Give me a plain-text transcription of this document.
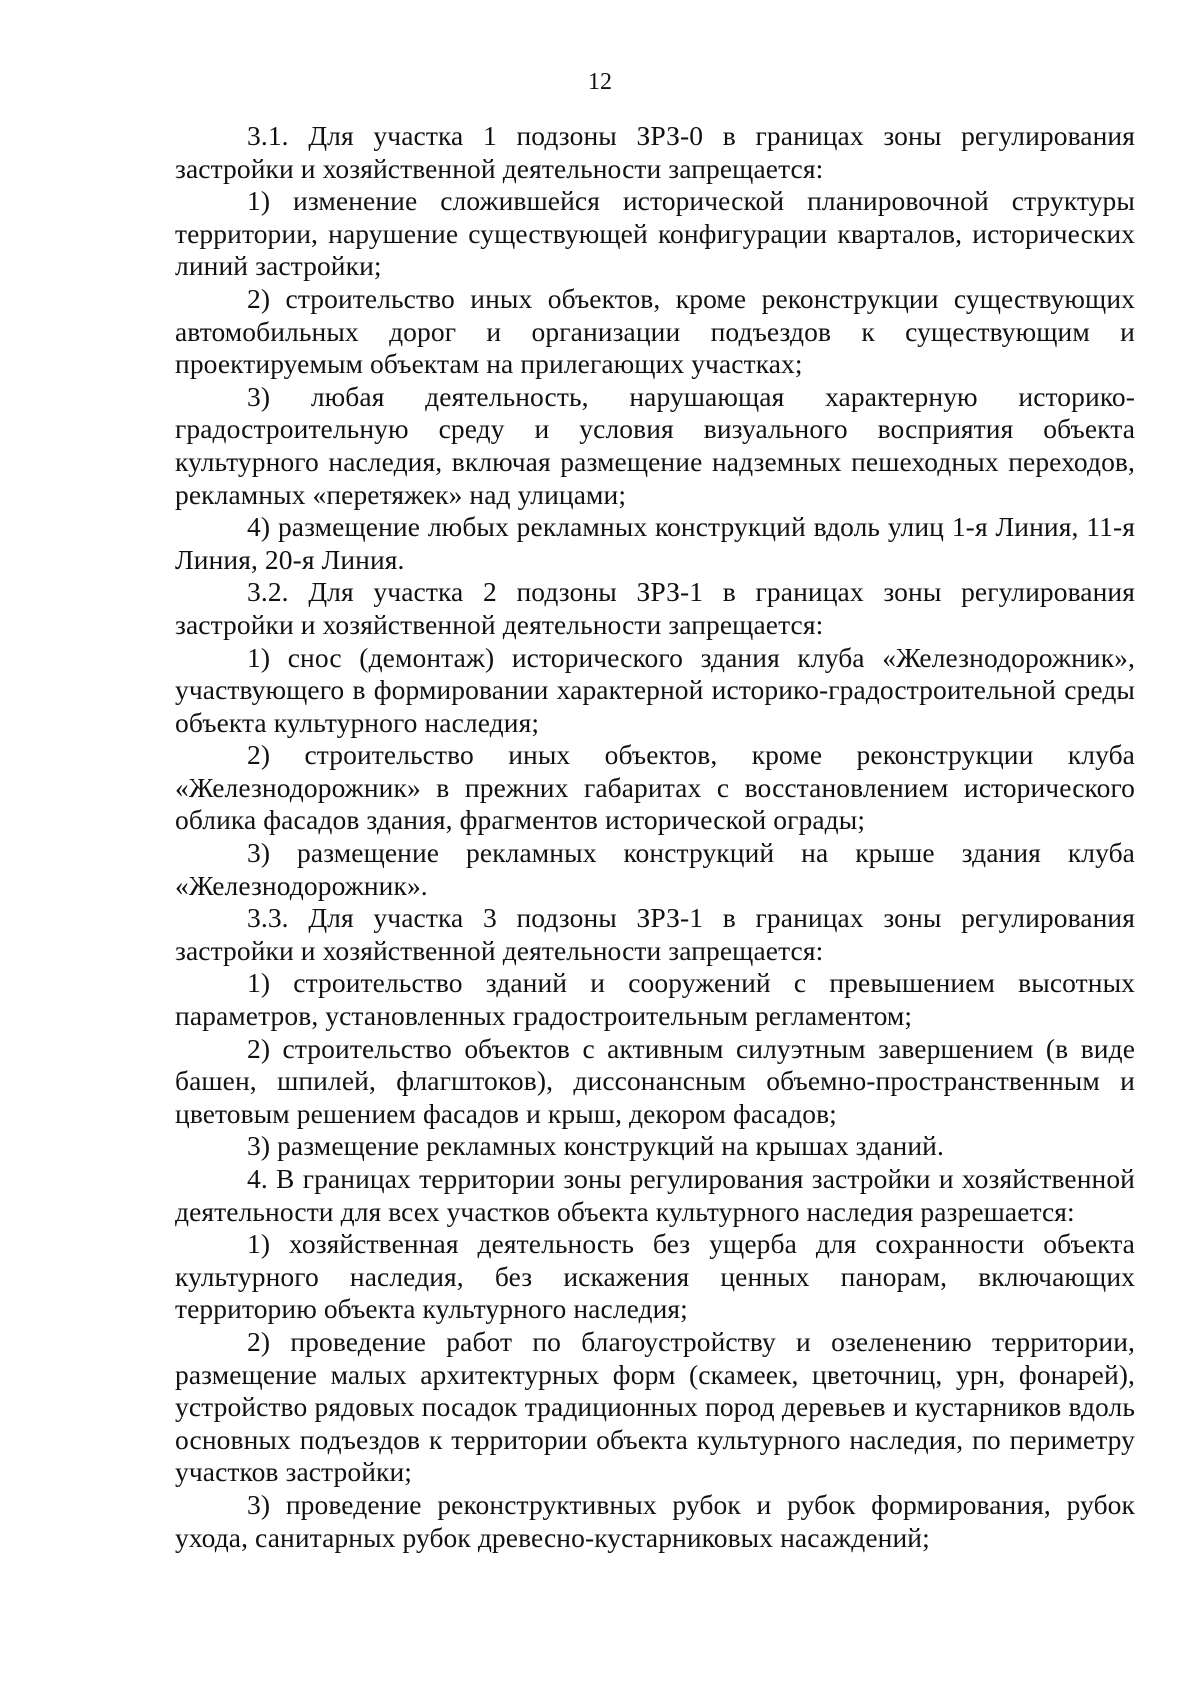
12

3.1. Для участка 1 подзоны ЗРЗ-0 в границах зоны регулирования застройки и хозяйственной деятельности запрещается:

1) изменение сложившейся исторической планировочной структуры территории, нарушение существующей конфигурации кварталов, исторических линий застройки;

2) строительство иных объектов, кроме реконструкции существующих автомобильных дорог и организации подъездов к существующим и проектируемым объектам на прилегающих участках;

3) любая деятельность, нарушающая характерную историко-градостроительную среду и условия визуального восприятия объекта культурного наследия, включая размещение надземных пешеходных переходов, рекламных «перетяжек» над улицами;

4) размещение любых рекламных конструкций вдоль улиц 1-я Линия, 11-я Линия, 20-я Линия.

3.2. Для участка 2 подзоны ЗРЗ-1 в границах зоны регулирования застройки и хозяйственной деятельности запрещается:

1) снос (демонтаж) исторического здания клуба «Железнодорожник», участвующего в формировании характерной историко-градостроительной среды объекта культурного наследия;

2) строительство иных объектов, кроме реконструкции клуба «Железнодорожник» в прежних габаритах с восстановлением исторического облика фасадов здания, фрагментов исторической ограды;

3) размещение рекламных конструкций на крыше здания клуба «Железнодорожник».

3.3. Для участка 3 подзоны ЗРЗ-1 в границах зоны регулирования застройки и хозяйственной деятельности запрещается:

1) строительство зданий и сооружений с превышением высотных параметров, установленных градостроительным регламентом;

2) строительство объектов с активным силуэтным завершением (в виде башен, шпилей, флагштоков), диссонансным объемно-пространственным и цветовым решением фасадов и крыш, декором фасадов;

3) размещение рекламных конструкций на крышах зданий.

4. В границах территории зоны регулирования застройки и хозяйственной деятельности для всех участков объекта культурного наследия разрешается:

1) хозяйственная деятельность без ущерба для сохранности объекта культурного наследия, без искажения ценных панорам, включающих территорию объекта культурного наследия;

2) проведение работ по благоустройству и озеленению территории, размещение малых архитектурных форм (скамеек, цветочниц, урн, фонарей), устройство рядовых посадок традиционных пород деревьев и кустарников вдоль основных подъездов к территории объекта культурного наследия, по периметру участков застройки;

3) проведение реконструктивных рубок и рубок формирования, рубок ухода, санитарных рубок древесно-кустарниковых насаждений;
